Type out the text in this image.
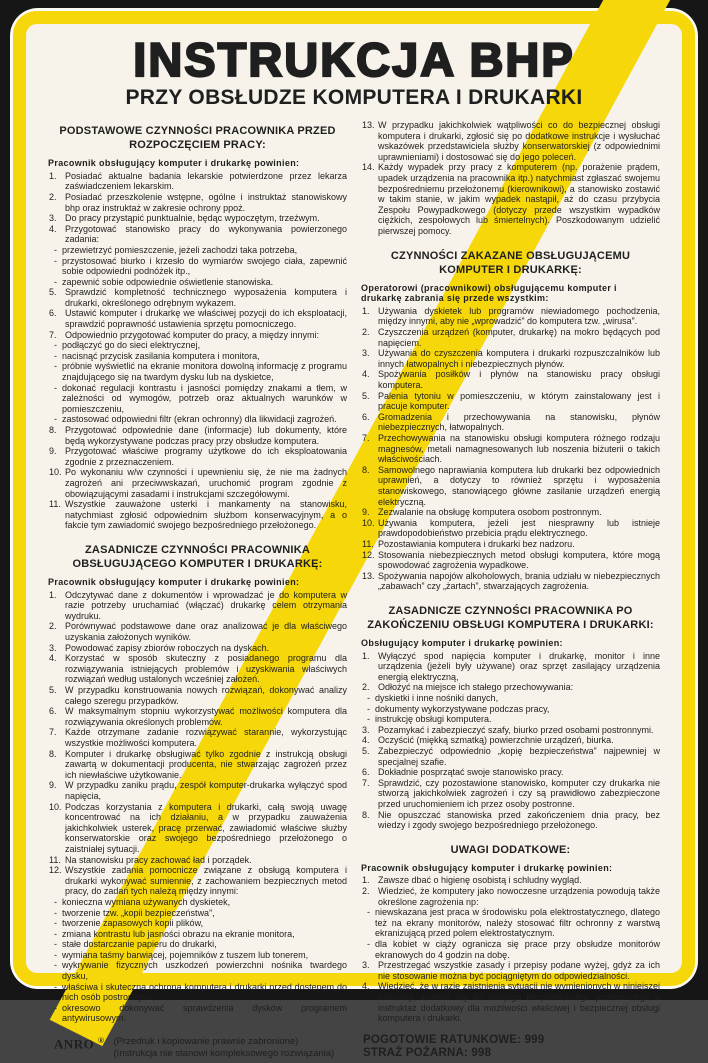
INSTRUKCJA BHP
PRZY OBSŁUDZE KOMPUTERA I DRUKARKI
PODSTAWOWE CZYNNOŚCI PRACOWNIKA PRZED ROZPOCZĘCIEM PRACY:

Pracownik obsługujący komputer i drukarkę powinien:

1. Posiadać aktualne badania lekarskie potwierdzone przez lekarza zaświadczeniem lekarskim.
2. Posiadać przeszkolenie wstępne, ogólne i instruktaż stanowiskowy bhp oraz instruktaż w zakresie ochrony ppoż.
3. Do pracy przystąpić punktualnie, będąc wypoczętym, trzeźwym.
4. Przygotować stanowisko pracy do wykonywania powierzonego zadania:
-
przewietrzyć pomieszczenie, jeżeli zachodzi taka potrzeba,
-
przystosować biurko i krzesło do wymiarów swojego ciała, zapewnić sobie odpowiedni podnóżek itp.,
-
zapewnić sobie odpowiednie oświetlenie stanowiska.
5. Sprawdzić kompletność technicznego wyposażenia komputera i drukarki, określonego odrębnym wykazem.
6. Ustawić komputer i drukarkę we właściwej pozycji do ich eksploatacji, sprawdzić poprawność ustawienia sprzętu pomocniczego.
7. Odpowiednio przygotować komputer do pracy, a między innymi:
-
podłączyć go do sieci elektrycznej,
-
nacisnąć przycisk zasilania komputera i monitora,
-
próbnie wyświetlić na ekranie monitora dowolną informację z programu znajdującego się na twardym dysku lub na dyskietce,
-
dokonać regulacji kontrastu i jasności pomiędzy znakami a tłem, w zależności od wymogów, potrzeb oraz aktualnych warunków w pomieszczeniu,
-
zastosować odpowiedni filtr (ekran ochronny) dla likwidacji zagrożeń.
8. Przygotować odpowiednie dane (informacje) lub dokumenty, które będą wykorzystywane podczas pracy przy obsłudze komputera.
9. Przygotować właściwe programy użytkowe do ich eksploatowania zgodnie z przeznaczeniem.
10. Po wykonaniu w/w czynności i upewnieniu się, że nie ma żadnych zagrożeń ani przeciwwskazań, uruchomić program zgodnie z obowiązującymi zasadami i instrukcjami szczegółowymi.
11. Wszystkie zauważone usterki i mankamenty na stanowisku, natychmiast zgłosić odpowiednim służbom konserwacyjnym, a o fakcie tym zawiadomić swojego bezpośredniego przełożonego.
ZASADNICZE CZYNNOŚCI PRACOWNIKA OBSŁUGUJĄCEGO KOMPUTER I DRUKARKĘ:

Pracownik obsługujący komputer i drukarkę powinien:

1. Odczytywać dane z dokumentów i wprowadzać je do komputera w razie potrzeby uruchamiać (włączać) drukarkę celem otrzymania wydruku.
2. Porównywać podstawowe dane oraz analizować je dla właściwego uzyskania założonych wyników.
3. Powodować zapisy zbiorów roboczych na dyskach.
4. Korzystać w sposób skuteczny z posiadanego programu dla rozwiązywania istniejących problemów i uzyskiwania właściwych rozwiązań według ustalonych wcześniej założeń.
5. W przypadku konstruowania nowych rozwiązań, dokonywać analizy całego szeregu przypadków.
6. W maksymalnym stopniu wykorzystywać możliwości komputera dla rozwiązywania określonych problemów.
7. Każde otrzymane zadanie rozwiązywać starannie, wykorzystując wszystkie możliwości komputera.
8. Komputer i drukarkę obsługiwać tylko zgodnie z instrukcją obsługi zawartą w dokumentacji producenta, nie stwarzając zagrożeń przez ich niewłaściwe użytkowanie.
9. W przypadku zaniku prądu, zespół komputer-drukarka wyłączyć spod napięcia,
10. Podczas korzystania z komputera i drukarki, całą swoją uwagę koncentrować na ich działaniu, a w przypadku zauważenia jakichkolwiek usterek, pracę przerwać, zawiadomić właściwe służby konserwatorskie oraz swojego bezpośredniego przełożonego o zaistniałej sytuacji.
11. Na stanowisku pracy zachować ład i porządek.
12. Wszystkie zadania pomocnicze związane z obsługą komputera i drukarki wykonywać sumiennie, z zachowaniem bezpiecznych metod pracy, do zadań tych należą między innymi:
-
konieczna wymiana używanych dyskietek,
-
tworzenie tzw. „kopii bezpieczeństwa”,
-
tworzenie zapasowych kopii plików,
-
zmiana kontrastu lub jasności obrazu na ekranie monitora,
-
stałe dostarczanie papieru do drukarki,
-
wymiana taśmy barwiącej, pojemników z tuszem lub tonerem,
-
wykrywanie fizycznych uszkodzeń powierzchni nośnika twardego dysku,
-
właściwa i skuteczna ochrona komputera i drukarki przed dostępem do nich osób postronnych,
-
okresowo dokonywać sprawdzenia dysków programem antywirusowym.
ANRO ® (Przedruk i kopiowanie prawnie zabronione)
(Instrukcja nie stanowi kompleksowego rozwiązania)
13. W przypadku jakichkolwiek wątpliwości co do bezpiecznej obsługi komputera i drukarki, zgłosić się po dodatkowe instrukcje i wysłuchać wskazówek przedstawiciela służby konserwatorskiej (z odpowiednimi uprawnieniami) i dostosować się do jego poleceń.
14. Każdy wypadek przy pracy z komputerem (np. porażenie prądem, upadek urządzenia na pracownika itp.) natychmiast zgłaszać swojemu bezpośredniemu przełożonemu (kierownikowi), a stanowisko zostawić w takim stanie, w jakim wypadek nastąpił, aż do czasu przybycia Zespołu Powypadkowego (dotyczy przede wszystkim wypadków ciężkich, zespołowych lub śmiertelnych). Poszkodowanym udzielić pierwszej pomocy.
CZYNNOŚCI ZAKAZANE OBSŁUGUJĄCEMU KOMPUTER I DRUKARKĘ:

Operatorowi (pracownikowi) obsługującemu komputer i drukarkę zabrania się przede wszystkim:

1. Używania dyskietek lub programów niewiadomego pochodzenia, między innymi, aby nie „wprowadzić” do komputera tzw. „wirusa”.
2. Czyszczenia urządzeń (komputer, drukarkę) na mokro będących pod napięciem.
3. Używania do czyszczenia komputera i drukarki rozpuszczalników lub innych łatwopalnych i niebezpiecznych płynów.
4. Spożywania posiłków i płynów na stanowisku pracy obsługi komputera.
5. Palenia tytoniu w pomieszczeniu, w którym zainstalowany jest i pracuje komputer.
6. Gromadzenia i przechowywania na stanowisku, płynów niebezpiecznych, łatwopalnych.
7. Przechowywania na stanowisku obsługi komputera różnego rodzaju magnesów, metali namagnesowanych lub noszenia biżuterii o takich właściwościach.
8. Samowolnego naprawiania komputera lub drukarki bez odpowiednich uprawnień, a dotyczy to również sprzętu i wyposażenia stanowiskowego, stanowiącego główne zasilanie urządzeń energią elektryczną.
9. Zezwalanie na obsługę komputera osobom postronnym.
10. Używania komputera, jeżeli jest niesprawny lub istnieje prawdopodobieństwo przebicia prądu elektrycznego.
11. Pozostawiania komputera i drukarki bez nadzoru.
12. Stosowania niebezpiecznych metod obsługi komputera, które mogą spowodować zagrożenia wypadkowe.
13. Spożywania napojów alkoholowych, brania udziału w niebezpiecznych „zabawach” czy „żartach”, stwarzających zagrożenia.
ZASADNICZE CZYNNOŚCI PRACOWNIKA PO ZAKOŃCZENIU OBSŁUGI KOMPUTERA I DRUKARKI:

Obsługujący komputer i drukarkę powinien:

1. Wyłączyć spod napięcia komputer i drukarkę, monitor i inne urządzenia (jeżeli były używane) oraz sprzęt zasilający urządzenia energią elektryczną,
2. Odłożyć na miejsce ich stałego przechowywania:
-
dyskietki i inne nośniki danych,
-
dokumenty wykorzystywane podczas pracy,
-
instrukcję obsługi komputera.
3. Pozamykać i zabezpieczyć szafy, biurko przed osobami postronnymi.
4. Oczyścić (miękką szmatką) powierzchnie urządzeń, biurka.
5. Zabezpieczyć odpowiednio „kopię bezpieczeństwa” najpewniej w specjalnej szafie.
6. Dokładnie posprzątać swoje stanowisko pracy.
7. Sprawdzić, czy pozostawione stanowisko, komputer czy drukarka nie stworzą jakichkolwiek zagrożeń i czy są prawidłowo zabezpieczone przed uruchomieniem ich przez osoby postronne.
8. Nie opuszczać stanowiska przed zakończeniem dnia pracy, bez wiedzy i zgody swojego bezpośredniego przełożonego.
UWAGI DODATKOWE:

Pracownik obsługujący komputer i drukarkę powinien:

1. Zawsze dbać o higienę osobistą i schludny wygląd.
2. Wiedzieć, że komputery jako nowoczesne urządzenia powodują także określone zagrożenia np:
-
niewskazana jest praca w środowisku pola elektrostatycznego, dlatego też na ekrany monitorów, należy stosować filtr ochronny z warstwą ekranizującą przed polem elektrostatycznym.
-
dla kobiet w ciąży ogranicza się prace przy obsłudze monitorów ekranowych do 4 godzin na dobę.
3. Przestrzegać wszystkie zasady i przepisy podane wyżej, gdyż za ich nie stosowanie można być pociągniętym do odpowiedzialności.
4. Wiedzieć, że w razie zaistnienia sytuacji nie wymienionych w niniejszej instrukcji, zwrócić się do swojego bezpośredniego przełożonego o instruktaż dodatkowy dla możliwości właściwej i bezpiecznej obsługi komputera i drukarki.
POGOTOWIE RATUNKOWE: 999
STRAŻ POŻARNA: 998
